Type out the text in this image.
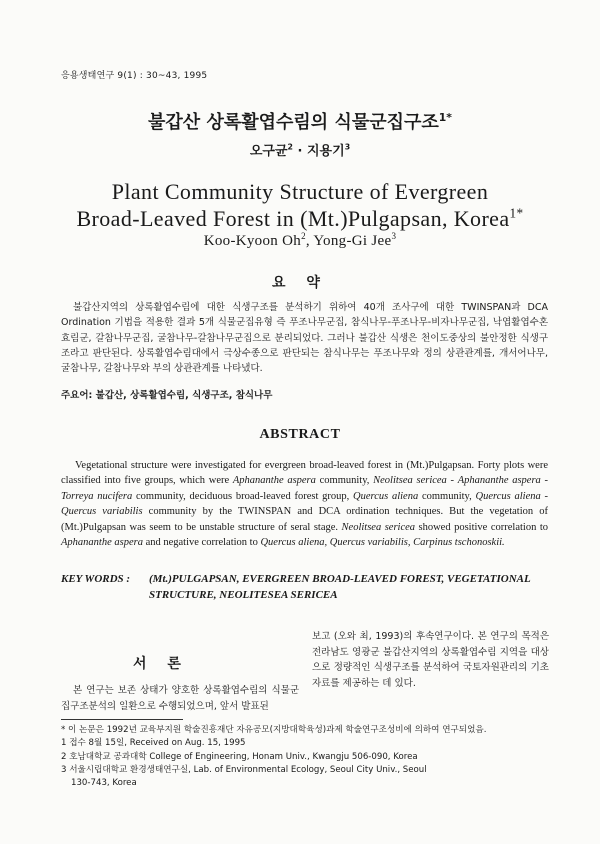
응용생태연구 9(1) : 30~43, 1995
불갑산 상록활엽수림의 식물군집구조$^{1*}$
오구균$^2$ · 지용기$^3$
Plant Community Structure of Evergreen
Broad-Leaved Forest in (Mt.)Pulgapsan, Korea$^{1*}$
Koo-Kyoon Oh$^2$, Yong-Gi Jee$^3$
요 약
불갑산지역의 상록활엽수림에 대한 식생구조를 분석하기 위하여 40개 조사구에 대한 TWINSPAN과 DCA Ordination 기법을 적용한 결과 5개 식물군집유형 즉 푸조나무군집, 참식나무-푸조나무-비자나무군집, 낙엽활엽수혼효림군, 갈참나무군집, 굴참나무-갈참나무군집으로 분리되었다. 그러나 불갑산 식생은 천이도중상의 불안정한 식생구조라고 판단된다. 상록활엽수림대에서 극상수종으로 판단되는 참식나무는 푸조나무와 정의 상관관계를, 개서어나무, 굴참나무, 갈참나무와 부의 상관관계를 나타냈다.
주요어: 불갑산, 상록활엽수림, 식생구조, 참식나무
ABSTRACT
Vegetational structure were investigated for evergreen broad-leaved forest in (Mt.)Pulgapsan. Forty plots were classified into five groups, which were Aphananthe aspera community, Neolitsea sericea - Aphananthe aspera - Torreya nucifera community, deciduous broad-leaved forest group, Quercus aliena community, Quercus aliena - Quercus variabilis community by the TWINSPAN and DCA ordination techniques. But the vegetation of (Mt.)Pulgapsan was seem to be unstable structure of seral stage. Neolitsea sericea showed positive correlation to Aphananthe aspera and negative correlation to Quercus aliena, Quercus variabilis, Carpinus tschonoskii.
KEY WORDS : (Mt.)PULGAPSAN, EVERGREEN BROAD-LEAVED FOREST, VEGETATIONAL
STRUCTURE, NEOLITESEA SERICEA
서 론
본 연구는 보존 상태가 양호한 상록활엽수림의 식물군집구조분석의 일환으로 수행되었으며, 앞서 발표된
보고 (오와 최, 1993)의 후속연구이다. 본 연구의 목적은 전라남도 영광군 불갑산지역의 상록활엽수림 지역을 대상으로 정량적인 식생구조를 분석하여 국토자원관리의 기초자료를 제공하는 데 있다.
* 이 논문은 1992년 교육부지원 학술진흥재단 자유공모(지방대학육성)과제 학술연구조성비에 의하여 연구되었음.
1 접수 8월 15일, Received on Aug. 15, 1995
2 호남대학교 공과대학 College of Engineering, Honam Univ., Kwangju 506-090, Korea
3 서울시립대학교 환경생태연구실, Lab. of Environmental Ecology, Seoul City Univ., Seoul
130-743, Korea
